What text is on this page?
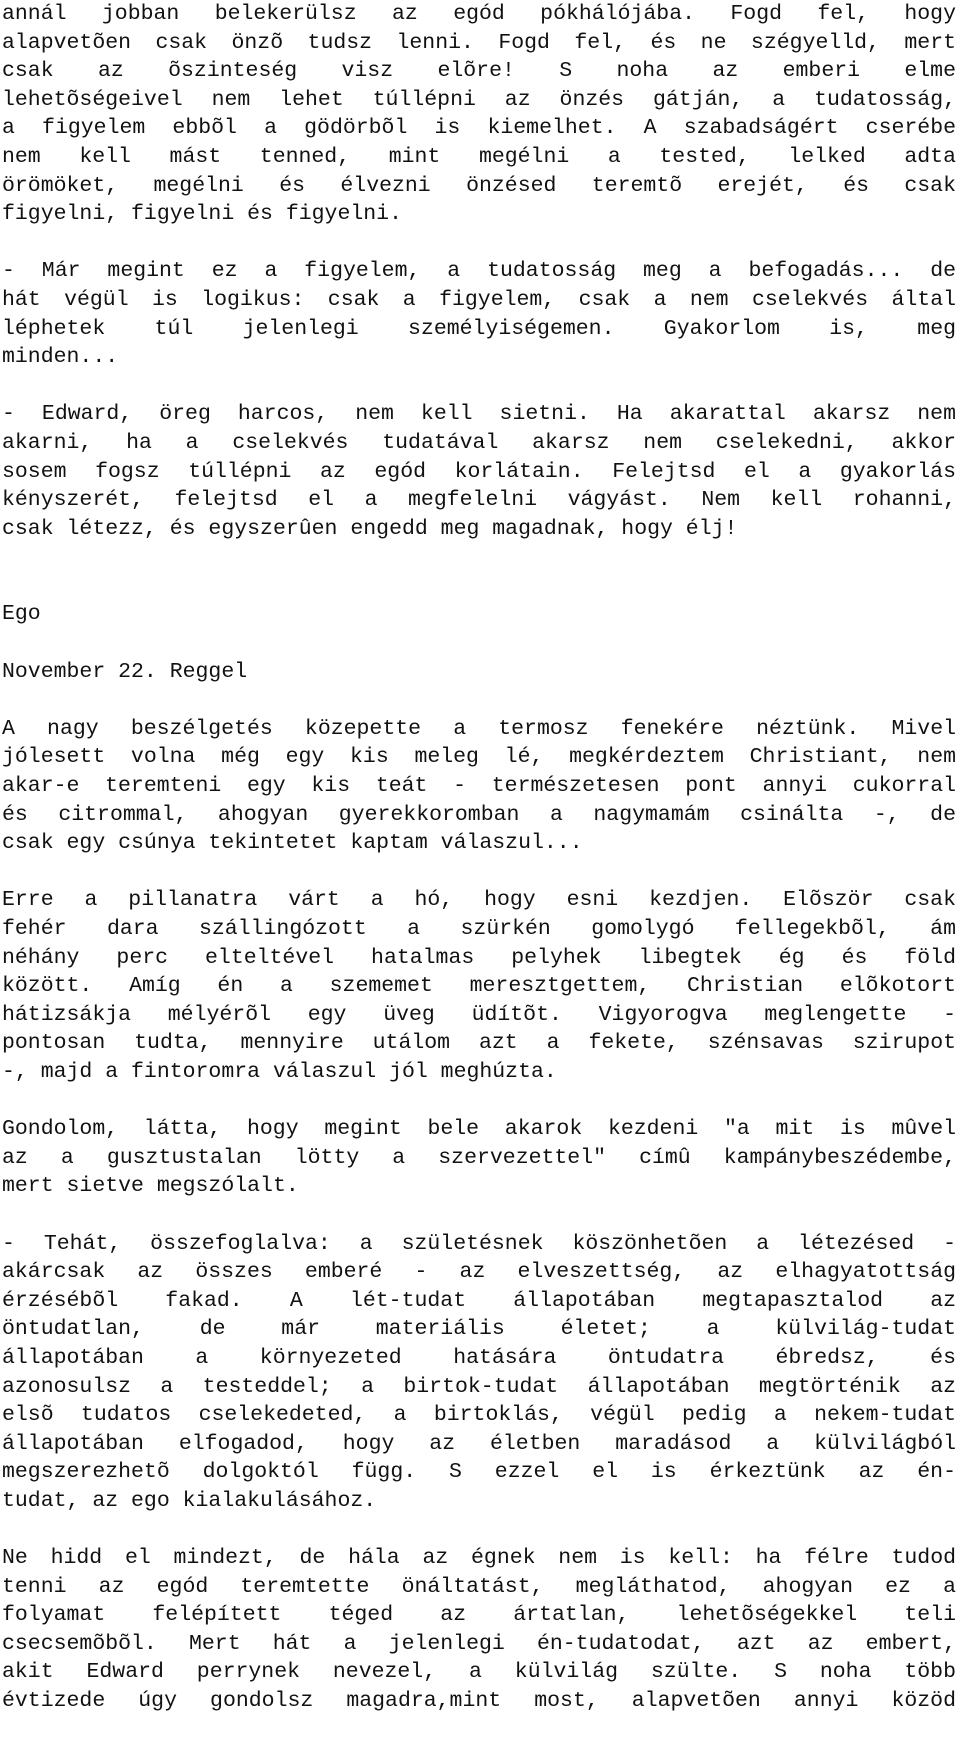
annál jobban belekerülsz az egód pókhálójába. Fogd fel, hogy
alapvetõen csak önzõ tudsz lenni. Fogd fel, és ne szégyelld, mert
csak az õszinteség visz elõre! S noha az emberi elme
lehetõségeivel nem lehet túllépni az önzés gátján, a tudatosság,
a figyelem ebbõl a gödörbõl is kiemelhet. A szabadságért cserébe
nem kell mást tenned, mint megélni a tested, lelked adta
örömöket, megélni és élvezni önzésed teremtõ erejét, és csak
figyelni, figyelni és figyelni.
- Már megint ez a figyelem, a tudatosság meg a befogadás... de
hát végül is logikus: csak a figyelem, csak a nem cselekvés által
léphetek túl jelenlegi személyiségemen. Gyakorlom is, meg
minden...
- Edward, öreg harcos, nem kell sietni. Ha akarattal akarsz nem
akarni, ha a cselekvés tudatával akarsz nem cselekedni, akkor
sosem fogsz túllépni az egód korlátain. Felejtsd el a gyakorlás
kényszerét, felejtsd el a megfelelni vágyást. Nem kell rohanni,
csak létezz, és egyszerûen engedd meg magadnak, hogy élj!
Ego
November 22. Reggel
A nagy beszélgetés közepette a termosz fenekére néztünk. Mivel
jólesett volna még egy kis meleg lé, megkérdeztem Christiant, nem
akar-e teremteni egy kis teát - természetesen pont annyi cukorral
és citrommal, ahogyan gyerekkoromban a nagymamám csinálta -, de
csak egy csúnya tekintetet kaptam válaszul...
Erre a pillanatra várt a hó, hogy esni kezdjen. Elõször csak
fehér dara szállingózott a szürkén gomolygó fellegekbõl, ám
néhány perc elteltével hatalmas pelyhek libegtek ég és föld
között. Amíg én a szememet meresztgettem, Christian elõkotort
hátizsákja mélyérõl egy üveg üdítõt. Vigyorogva meglengette -
pontosan tudta, mennyire utálom azt a fekete, szénsavas szirupot
-, majd a fintoromra válaszul jól meghúzta.
Gondolom, látta, hogy megint bele akarok kezdeni "a mit is mûvel
az a gusztustalan lötty a szervezettel" címû kampánybeszédembe,
mert sietve megszólalt.
- Tehát, összefoglalva: a születésnek köszönhetõen a létezésed -
akárcsak az összes emberé - az elveszettség, az elhagyatottság
érzésébõl fakad. A lét-tudat állapotában megtapasztalod az
öntudatlan, de már materiális életet; a külvilág-tudat
állapotában a környezeted hatására öntudatra ébredsz, és
azonosulsz a testeddel; a birtok-tudat állapotában megtörténik az
elsõ tudatos cselekedeted, a birtoklás, végül pedig a nekem-tudat
állapotában elfogadod, hogy az életben maradásod a külvilágból
megszerezhetõ dolgoktól függ. S ezzel el is érkeztünk az én-
tudat, az ego kialakulásához.
Ne hidd el mindezt, de hála az égnek nem is kell: ha félre tudod
tenni az egód teremtette önáltatást, megláthatod, ahogyan ez a
folyamat felépített téged az ártatlan, lehetõségekkel teli
csecsemõbõl. Mert hát a jelenlegi én-tudatodat, azt az embert,
akit Edward perrynek nevezel, a külvilág szülte. S noha több
évtizede úgy gondolsz magadra,mint most, alapvetõen annyi közöd
